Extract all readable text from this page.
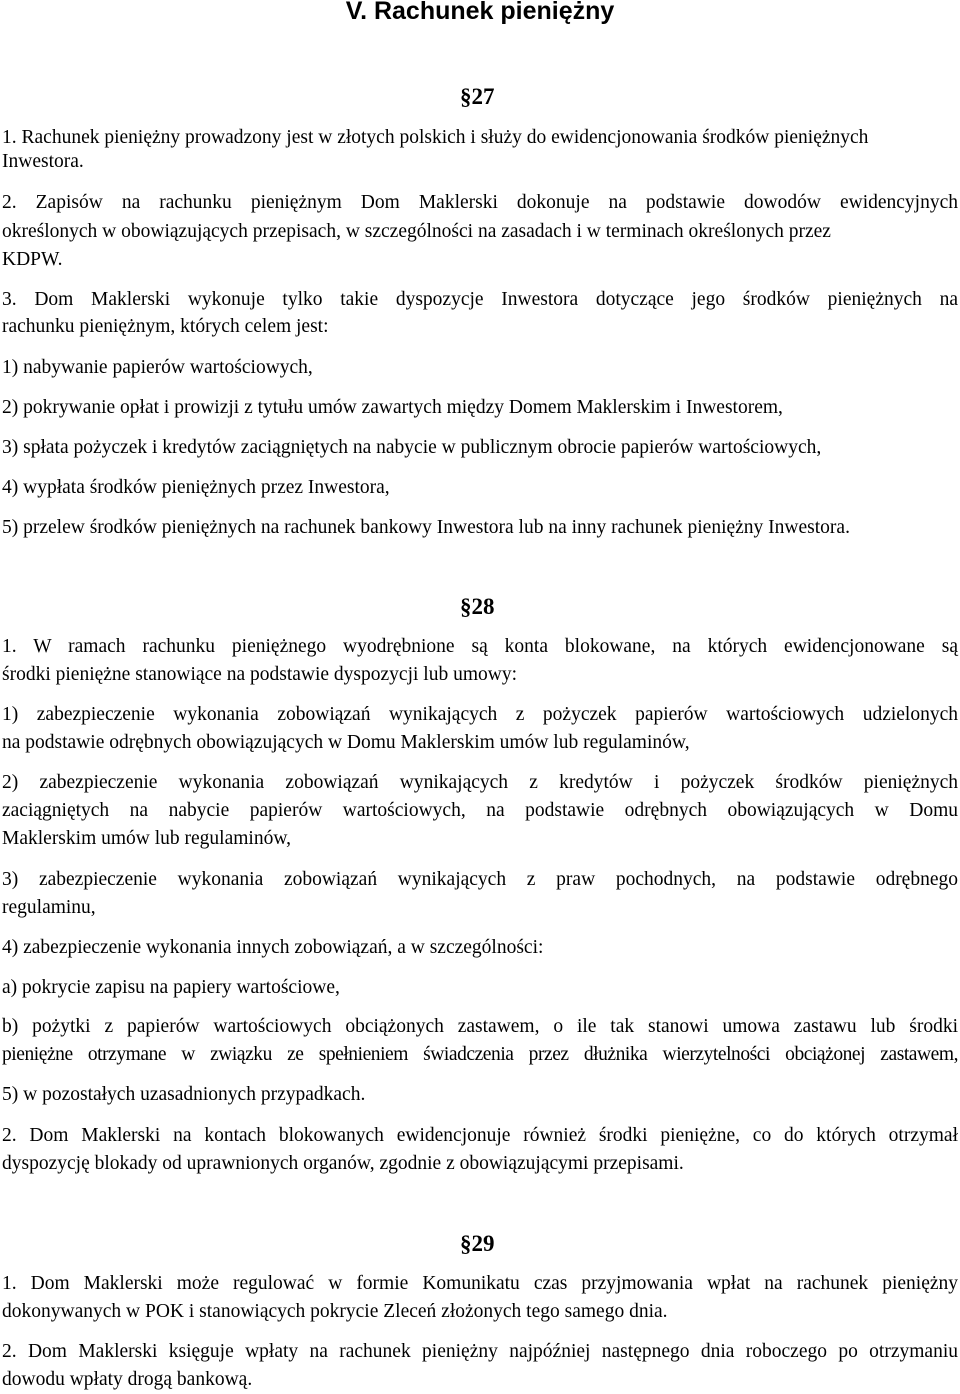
V. Rachunek pieniężny
§27
1. Rachunek pieniężny prowadzony jest w złotych polskich i służy do ewidencjonowania środków pieniężnych
Inwestora.
2. Zapisów na rachunku pieniężnym Dom Maklerski dokonuje na podstawie dowodów ewidencyjnych
określonych w obowiązujących przepisach, w szczególności na zasadach i w terminach określonych przez
KDPW.
3. Dom Maklerski wykonuje tylko takie dyspozycje Inwestora dotyczące jego środków pieniężnych na
rachunku pieniężnym, których celem jest:
1) nabywanie papierów wartościowych,
2) pokrywanie opłat i prowizji z tytułu umów zawartych między Domem Maklerskim i Inwestorem,
3) spłata pożyczek i kredytów zaciągniętych na nabycie w publicznym obrocie papierów wartościowych,
4) wypłata środków pieniężnych przez Inwestora,
5) przelew środków pieniężnych na rachunek bankowy Inwestora lub na inny rachunek pieniężny Inwestora.
§28
1. W ramach rachunku pieniężnego wyodrębnione są konta blokowane, na których ewidencjonowane są
środki pieniężne stanowiące na podstawie dyspozycji lub umowy:
1) zabezpieczenie wykonania zobowiązań wynikających z pożyczek papierów wartościowych udzielonych
na podstawie odrębnych obowiązujących w Domu Maklerskim umów lub regulaminów,
2) zabezpieczenie wykonania zobowiązań wynikających z kredytów i pożyczek środków pieniężnych
zaciągniętych na nabycie papierów wartościowych, na podstawie odrębnych obowiązujących w Domu
Maklerskim umów lub regulaminów,
3) zabezpieczenie wykonania zobowiązań wynikających z praw pochodnych, na podstawie odrębnego
regulaminu,
4) zabezpieczenie wykonania innych zobowiązań, a w szczególności:
a) pokrycie zapisu na papiery wartościowe,
b) pożytki z papierów wartościowych obciążonych zastawem, o ile tak stanowi umowa zastawu lub środki
pieniężne otrzymane w związku ze spełnieniem świadczenia przez dłużnika wierzytelności obciążonej zastawem,
5) w pozostałych uzasadnionych przypadkach.
2. Dom Maklerski na kontach blokowanych ewidencjonuje również środki pieniężne, co do których otrzymał
dyspozycję blokady od uprawnionych organów, zgodnie z obowiązującymi przepisami.
§29
1. Dom Maklerski może regulować w formie Komunikatu czas przyjmowania wpłat na rachunek pieniężny
dokonywanych w POK i stanowiących pokrycie Zleceń złożonych tego samego dnia.
2. Dom Maklerski księguje wpłaty na rachunek pieniężny najpóźniej następnego dnia roboczego po otrzymaniu
dowodu wpłaty drogą bankową.
